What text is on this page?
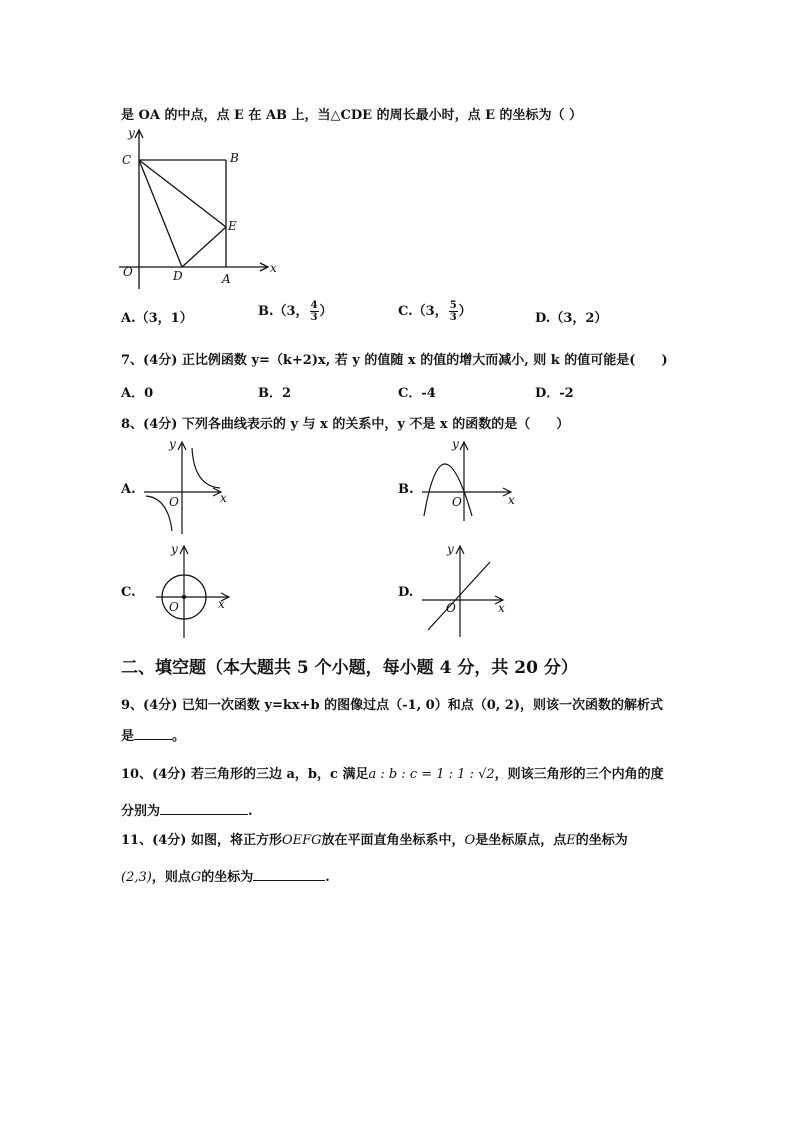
是 OA 的中点，点 E 在 AB 上，当△CDE 的周长最小时，点 E 的坐标为（ ）
y
C	B
E
O	D	A
x
A.（3，1）	B.（3， $\frac{4}{3}$ ）	C.（3， $\frac{5}{3}$ ）	D.（3，2）
7、(4分) 正比例函数 y=（k+2)x, 若 y 的值随 x 的值的增大而减小, 则 k 的值可能是(　　)
A．0	B．2	C．-4	D．-2
8、(4分) 下列各曲线表示的 y 与 x 的关系中，y 不是 x 的函数的是（　　）
A.
y
O	x
B.
y
O	x
C.
y
O	x
D.
y
O	x
二、填空题（本大题共 5 个小题，每小题 4 分，共 20 分）
9、(4分) 已知一次函数 y=kx+b 的图像过点（-1, 0）和点（0, 2)，则该一次函数的解析式
是	。
10、(4分) 若三角形的三边 a，b，c 满足a : b : c = 1 : 1 : √2，则该三角形的三个内角的度
分别为	.
11、(4分) 如图，将正方形OEFG放在平面直角坐标系中，O是坐标原点，点E的坐标为
(2,3)，则点G的坐标为	.
